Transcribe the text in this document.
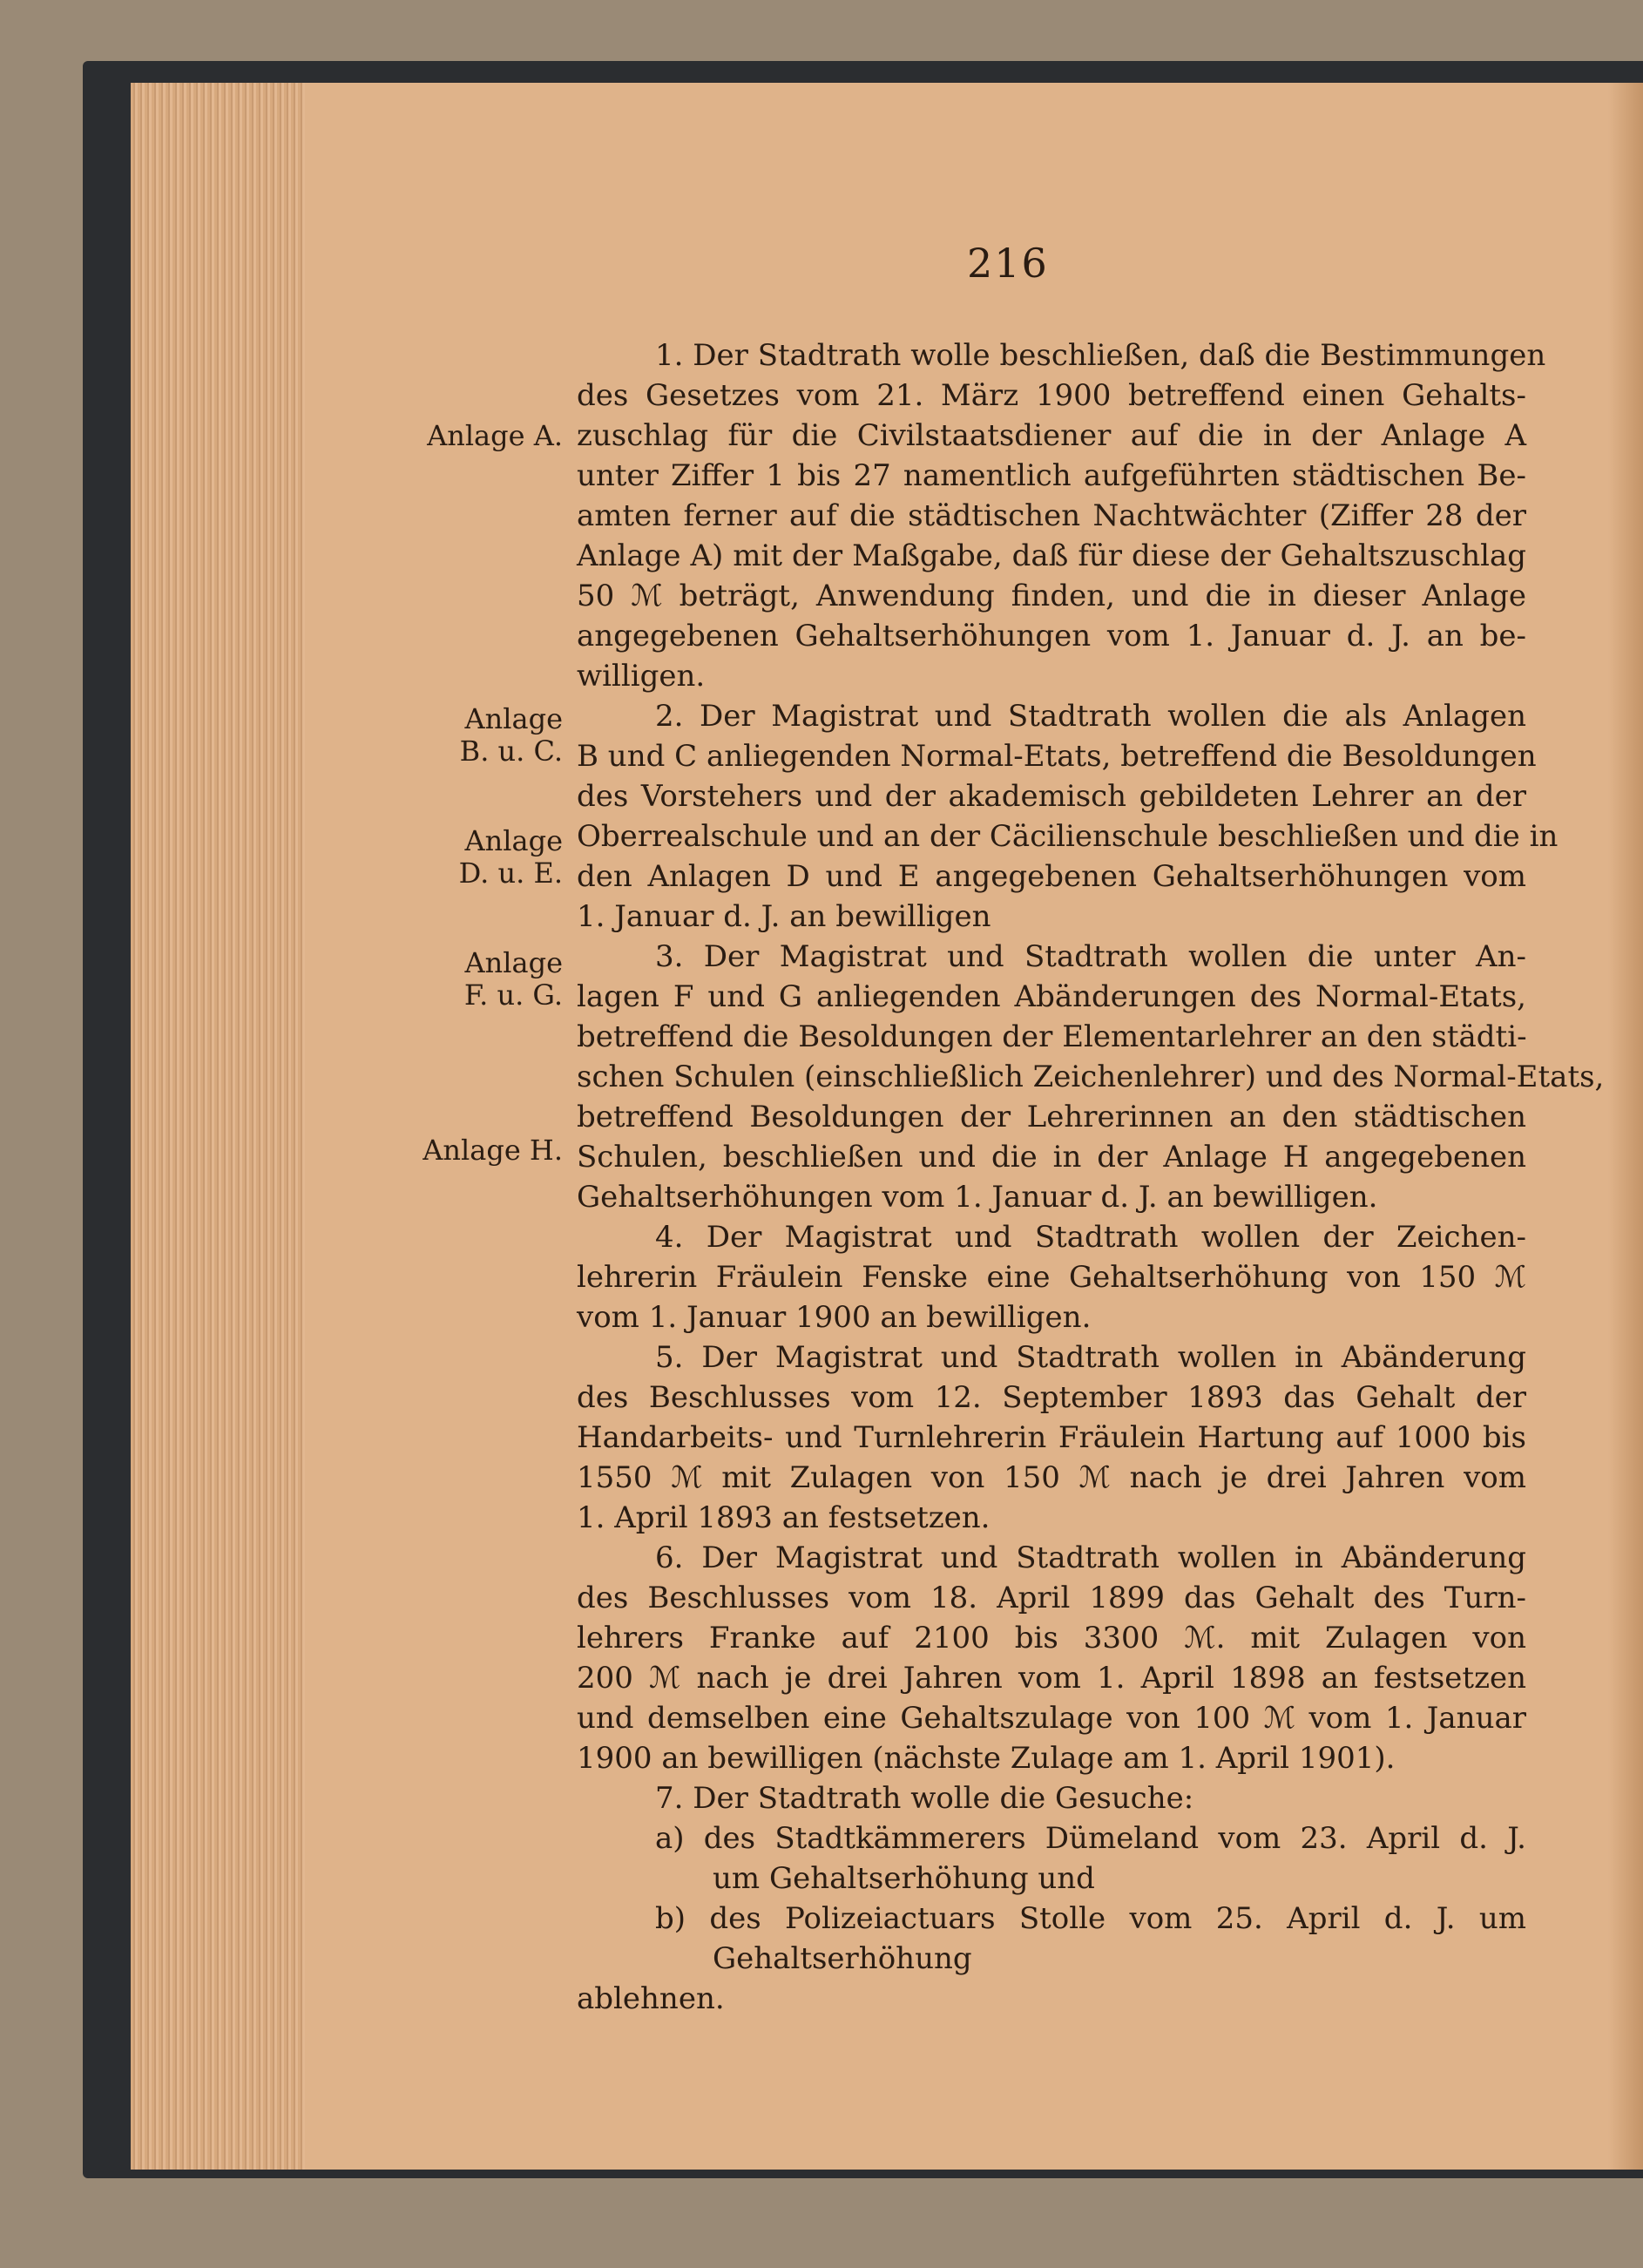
216
Anlage A.
Anlage
B. u. C.
Anlage
D. u. E.
Anlage
F. u. G.
Anlage H.
1. Der Stadtrath wolle beschließen, daß die Bestimmungen
des Gesetzes vom 21. März 1900 betreffend einen Gehalts-
zuschlag für die Civilstaatsdiener auf die in der Anlage A
unter Ziffer 1 bis 27 namentlich aufgeführten städtischen Be-
amten ferner auf die städtischen Nachtwächter (Ziffer 28 der
Anlage A) mit der Maßgabe, daß für diese der Gehaltszuschlag
50 ℳ beträgt, Anwendung finden, und die in dieser Anlage
angegebenen Gehaltserhöhungen vom 1. Januar d. J. an be-
willigen.
2. Der Magistrat und Stadtrath wollen die als Anlagen
B und C anliegenden Normal-Etats, betreffend die Besoldungen
des Vorstehers und der akademisch gebildeten Lehrer an der
Oberrealschule und an der Cäcilienschule beschließen und die in
den Anlagen D und E angegebenen Gehaltserhöhungen vom
1. Januar d. J. an bewilligen
3. Der Magistrat und Stadtrath wollen die unter An-
lagen F und G anliegenden Abänderungen des Normal-Etats,
betreffend die Besoldungen der Elementarlehrer an den städti-
schen Schulen (einschließlich Zeichenlehrer) und des Normal-Etats,
betreffend Besoldungen der Lehrerinnen an den städtischen
Schulen, beschließen und die in der Anlage H angegebenen
Gehaltserhöhungen vom 1. Januar d. J. an bewilligen.
4. Der Magistrat und Stadtrath wollen der Zeichen-
lehrerin Fräulein Fenske eine Gehaltserhöhung von 150 ℳ
vom 1. Januar 1900 an bewilligen.
5. Der Magistrat und Stadtrath wollen in Abänderung
des Beschlusses vom 12. September 1893 das Gehalt der
Handarbeits- und Turnlehrerin Fräulein Hartung auf 1000 bis
1550 ℳ mit Zulagen von 150 ℳ nach je drei Jahren vom
1. April 1893 an festsetzen.
6. Der Magistrat und Stadtrath wollen in Abänderung
des Beschlusses vom 18. April 1899 das Gehalt des Turn-
lehrers Franke auf 2100 bis 3300 ℳ. mit Zulagen von
200 ℳ nach je drei Jahren vom 1. April 1898 an festsetzen
und demselben eine Gehaltszulage von 100 ℳ vom 1. Januar
1900 an bewilligen (nächste Zulage am 1. April 1901).
7. Der Stadtrath wolle die Gesuche:
a) des Stadtkämmerers Dümeland vom 23. April d. J.
um Gehaltserhöhung und
b) des Polizeiactuars Stolle vom 25. April d. J. um
Gehaltserhöhung
ablehnen.
